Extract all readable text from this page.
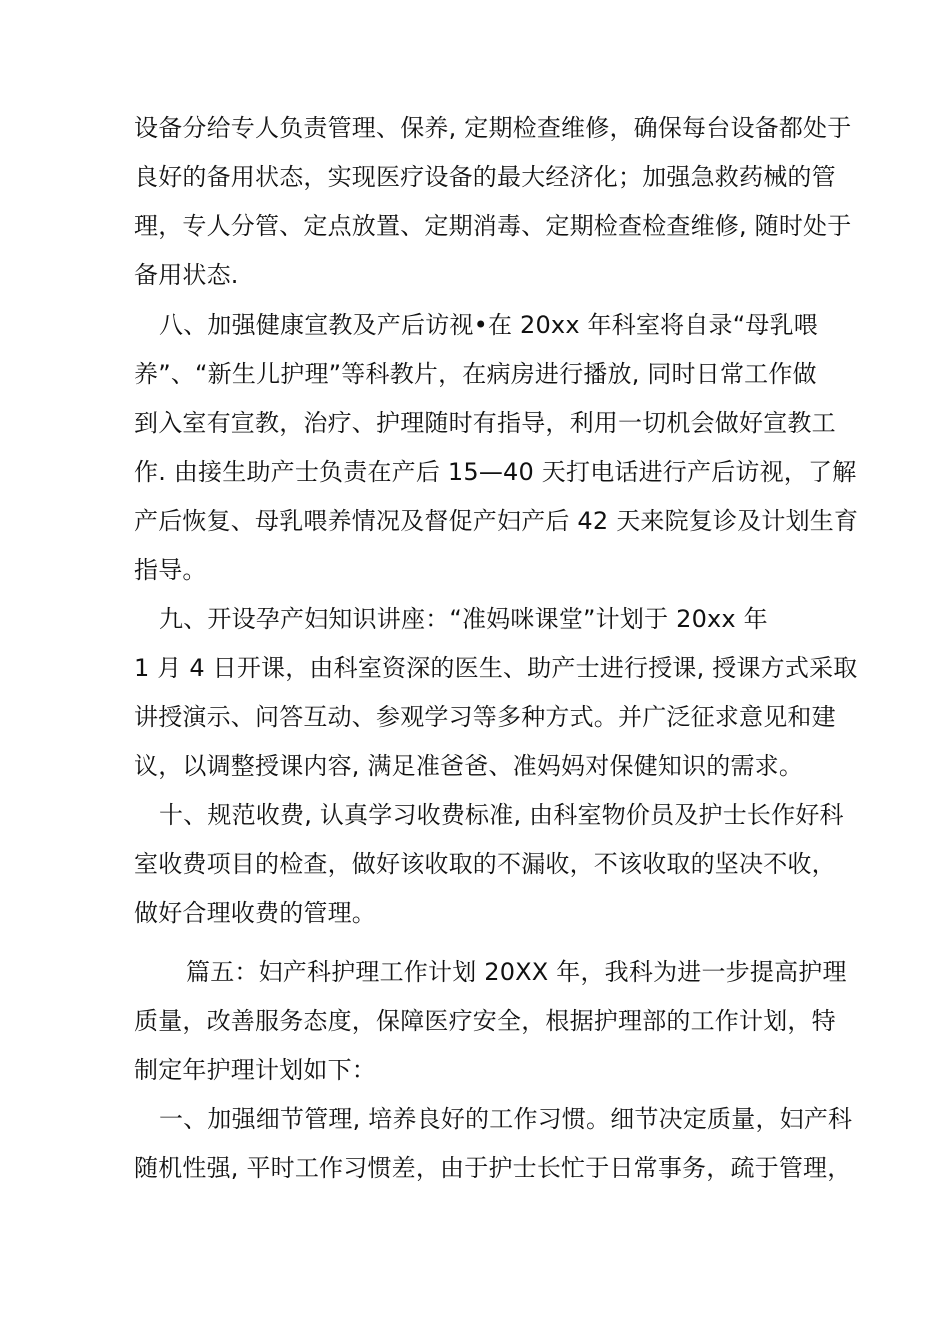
设备分给专人负责管理、保养, 定期检查维修，确保每台设备都处于
良好的备用状态，实现医疗设备的最大经济化；加强急救药械的管
理，专人分管、定点放置、定期消毒、定期检查检查维修, 随时处于
备用状态.
八、加强健康宣教及产后访视•在 20xx 年科室将自录“母乳喂
养”、“新生儿护理”等科教片，在病房进行播放, 同时日常工作做
到入室有宣教，治疗、护理随时有指导，利用一切机会做好宣教工
作. 由接生助产士负责在产后 15—40 天打电话进行产后访视，了解
产后恢复、母乳喂养情况及督促产妇产后 42 天来院复诊及计划生育
指导。
九、开设孕产妇知识讲座：“准妈咪课堂”计划于 20xx 年
1 月 4 日开课，由科室资深的医生、助产士进行授课, 授课方式采取
讲授演示、问答互动、参观学习等多种方式。并广泛征求意见和建
议，以调整授课内容, 满足准爸爸、准妈妈对保健知识的需求。
十、规范收费, 认真学习收费标准, 由科室物价员及护士长作好科
室收费项目的检查，做好该收取的不漏收，不该收取的坚决不收，
做好合理收费的管理。
篇五：妇产科护理工作计划 20XX 年，我科为进一步提高护理
质量，改善服务态度，保障医疗安全，根据护理部的工作计划，特
制定年护理计划如下：
一、加强细节管理, 培养良好的工作习惯。细节决定质量，妇产科
随机性强, 平时工作习惯差，由于护士长忙于日常事务，疏于管理，
